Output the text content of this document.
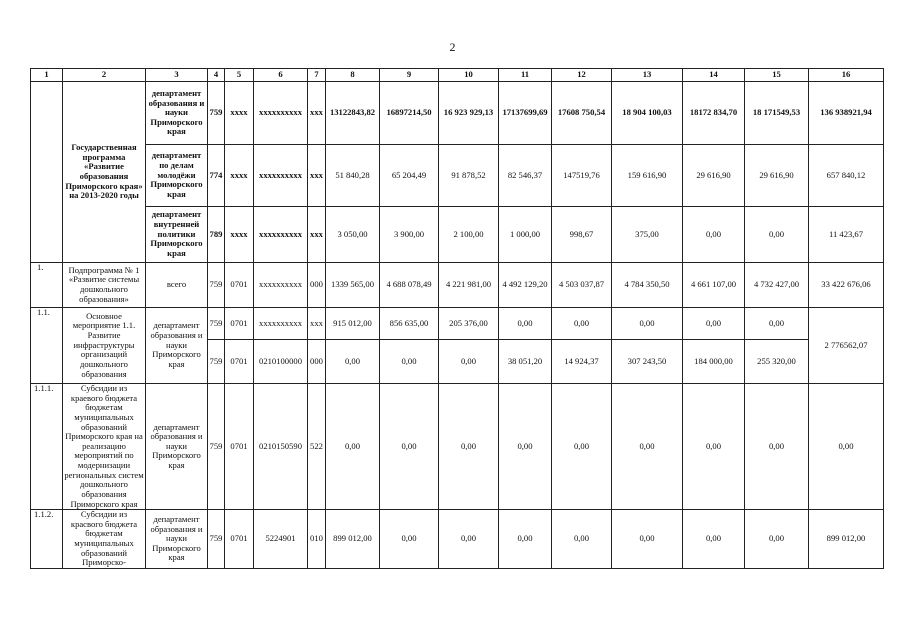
2
1	2	3	4	5	6	7	8	9	10	11	12	13	14	15	16
	Государственная программа «Развитие образования Приморского края» на 2013-2020 годы	департамент образования и науки Приморского края	759	xxxx	xxxxxxxxxx	xxx	13122843,82	16897214,50	16 923 929,13	17137699,69	17608 750,54	18 904 100,03	18172 834,70	18 171549,53	136 938921,94
		департамент по делам молодёжи Приморского края	774	xxxx	xxxxxxxxxx	xxx	51 840,28	65 204,49	91 878,52	82 546,37	147519,76	159 616,90	29 616,90	29 616,90	657 840,12
		департамент внутренней политики Приморского края	789	xxxx	xxxxxxxxxx	xxx	3 050,00	3 900,00	2 100,00	1 000,00	998,67	375,00	0,00	0,00	11 423,67
1.	Подпрограмма № 1 «Развитие системы дошкольного образования»	всего	759	0701	xxxxxxxxxx	000	1339 565,00	4 688 078,49	4 221 981,00	4 492 129,20	4 503 037,87	4 784 350,50	4 661 107,00	4 732 427,00	33 422 676,06
1.1.	Основное мероприятие 1.1. Развитие инфраструктуры организаций дошкольного образования	департамент образования и науки Приморского края	759	0701	xxxxxxxxxx	xxx	915 012,00	856 635,00	205 376,00	0,00	0,00	0,00	0,00	0,00	2 776562,07
			759	0701	0210100000	000	0,00	0,00	0,00	38 051,20	14 924,37	307 243,50	184 000,00	255 320,00	
1.1.1.	Субсидии из краевого бюджета бюджетам муниципальных образований Приморского края на реализацию мероприятий по модернизации региональных систем дошкольного образования Приморского края	департамент образования и науки Приморского края	759	0701	0210150590	522	0,00	0,00	0,00	0,00	0,00	0,00	0,00	0,00	0,00
1.1.2.	Субсидии из красвого бюджета бюджетам муниципальных образований Приморско-	департамент образования и науки Приморского края	759	0701	5224901	010	899 012,00	0,00	0,00	0,00	0,00	0,00	0,00	0,00	899 012,00
